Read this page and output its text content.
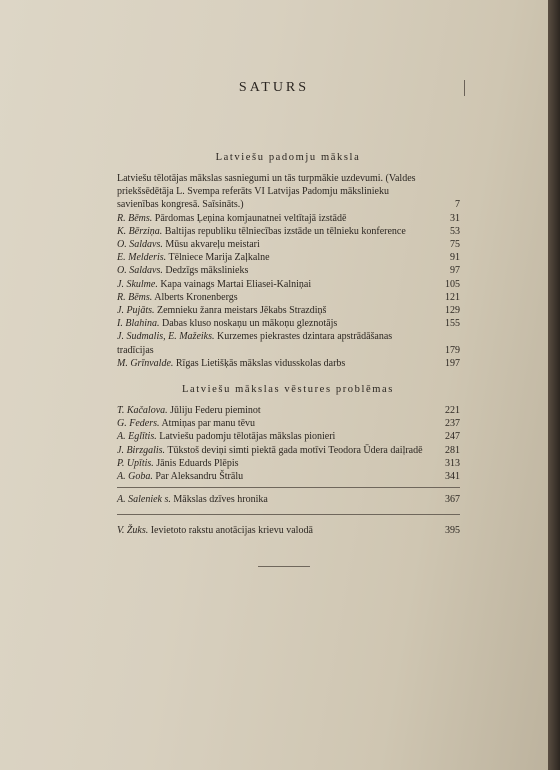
SATURS
Latviešu padomju māksla
Latviešu tēlotājas mākslas sasniegumi un tās turpmākie uzdevumi. (Valdes priekšsēdētāja L. Svempa referāts VI Latvijas Padomju mākslinieku savienības kongresā. Saīsināts.)	7
R. Bēms. Pārdomas Ļeņina komjaunatnei veltītajā izstādē	31
K. Bērziņa. Baltijas republiku tēlniecības izstāde un tēlnieku konference	53
O. Saldavs. Mūsu akvareļu meistari	75
E. Melderis. Tēlniece Marija Zaļkalne	91
O. Saldavs. Dedzīgs mākslinieks	97
J. Skulme. Kapa vainags Martai Eliasei-Kalniņai	105
R. Bēms. Alberts Kronenbergs	121
J. Pujāts. Zemnieku žanra meistars Jēkabs Strazdiņš	129
I. Blahina. Dabas kluso noskaņu un mākoņu gleznotājs	155
J. Sudmalis, E. Mažeiks. Kurzemes piekrastes dzintara apstrādāšanas tradīcijas	179
M. Grīnvalde. Rīgas Lietišķās mākslas vidusskolas darbs	197
Latviešu mākslas vēstures problēmas
T. Kačalova. Jūliju Federu pieminot	221
G. Feders. Atmiņas par manu tēvu	237
A. Eglītis. Latviešu padomju tēlotājas mākslas pionieri	247
J. Birzgalis. Tūkstoš deviņi simti piektā gada motīvi Teodora Ūdera daiļradē	281
P. Upītis. Jānis Eduards Plēpis	313
A. Goba. Par Aleksandru Štrālu	341
A. Saleniek s. Mākslas dzīves hronika	367
V. Žuks. Ievietoto rakstu anotācijas krievu valodā	395
